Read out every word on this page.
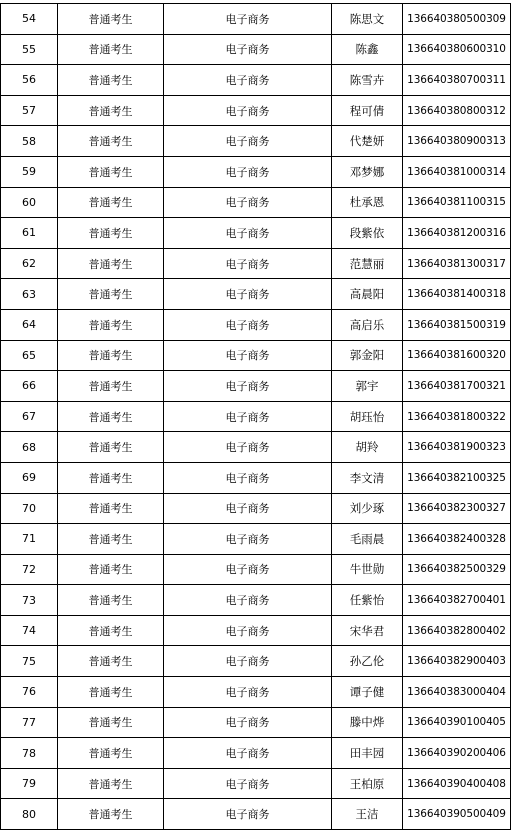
54	普通考生	电子商务	陈思文	136640380500309
55	普通考生	电子商务	陈鑫	136640380600310
56	普通考生	电子商务	陈雪卉	136640380700311
57	普通考生	电子商务	程可倩	136640380800312
58	普通考生	电子商务	代楚妍	136640380900313
59	普通考生	电子商务	邓梦娜	136640381000314
60	普通考生	电子商务	杜承恩	136640381100315
61	普通考生	电子商务	段紫依	136640381200316
62	普通考生	电子商务	范慧丽	136640381300317
63	普通考生	电子商务	高晨阳	136640381400318
64	普通考生	电子商务	高启乐	136640381500319
65	普通考生	电子商务	郭金阳	136640381600320
66	普通考生	电子商务	郭宇	136640381700321
67	普通考生	电子商务	胡珏怡	136640381800322
68	普通考生	电子商务	胡羚	136640381900323
69	普通考生	电子商务	李文清	136640382100325
70	普通考生	电子商务	刘少琢	136640382300327
71	普通考生	电子商务	毛雨晨	136640382400328
72	普通考生	电子商务	牛世勋	136640382500329
73	普通考生	电子商务	任紫怡	136640382700401
74	普通考生	电子商务	宋华君	136640382800402
75	普通考生	电子商务	孙乙伦	136640382900403
76	普通考生	电子商务	谭子健	136640383000404
77	普通考生	电子商务	滕中烨	136640390100405
78	普通考生	电子商务	田丰园	136640390200406
79	普通考生	电子商务	王柏原	136640390400408
80	普通考生	电子商务	王洁	136640390500409
